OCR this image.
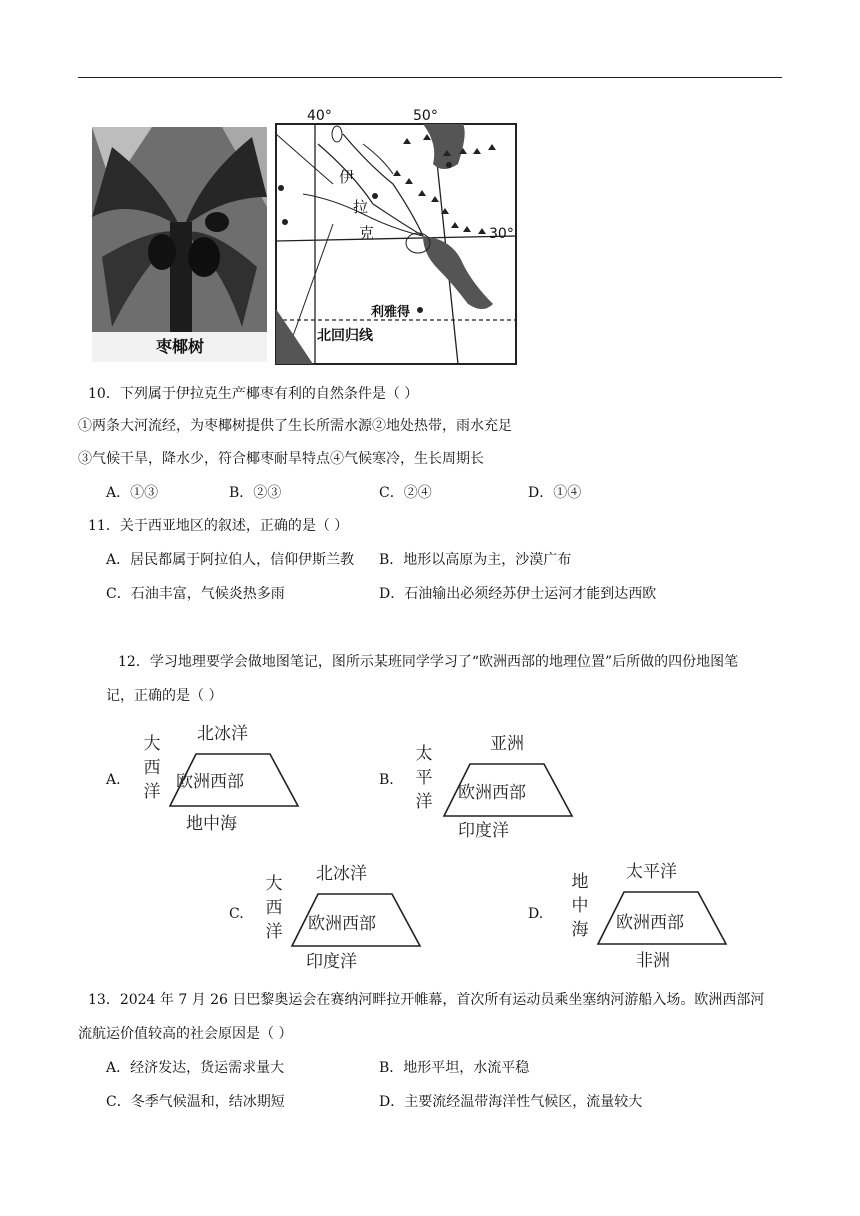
枣椰树
40°	50°
30°
伊
拉
克
利雅得
北回归线
10．下列属于伊拉克生产椰枣有利的自然条件是（ ）
①两条大河流经，为枣椰树提供了生长所需水源②地处热带，雨水充足
③气候干旱，降水少，符合椰枣耐旱特点④气候寒冷，生长周期长
A．①③	B．②③	C．②④	D．①④
11．关于西亚地区的叙述，正确的是（ ）
A．居民都属于阿拉伯人，信仰伊斯兰教 B．地形以高原为主，沙漠广布
C．石油丰富，气候炎热多雨	D．石油输出必须经苏伊士运河才能到达西欧
12．学习地理要学会做地图笔记，图所示某班同学学习了“欧洲西部的地理位置”后所做的四份地图笔
记，正确的是（ ）
A.
北冰洋
大
西
洋 欧洲西部
地中海
B.
亚洲
太
平
洋 欧洲西部
印度洋
C.
北冰洋
大
西
洋 欧洲西部
印度洋
D.
太平洋
地
中
海 欧洲西部
非洲
13．2024 年 7 月 26 日巴黎奥运会在赛纳河畔拉开帷幕，首次所有运动员乘坐塞纳河游船入场。欧洲西部河
流航运价值较高的社会原因是（ ）
A．经济发达，货运需求量大	B．地形平坦，水流平稳
C．冬季气候温和，结冰期短	D．主要流经温带海洋性气候区，流量较大
